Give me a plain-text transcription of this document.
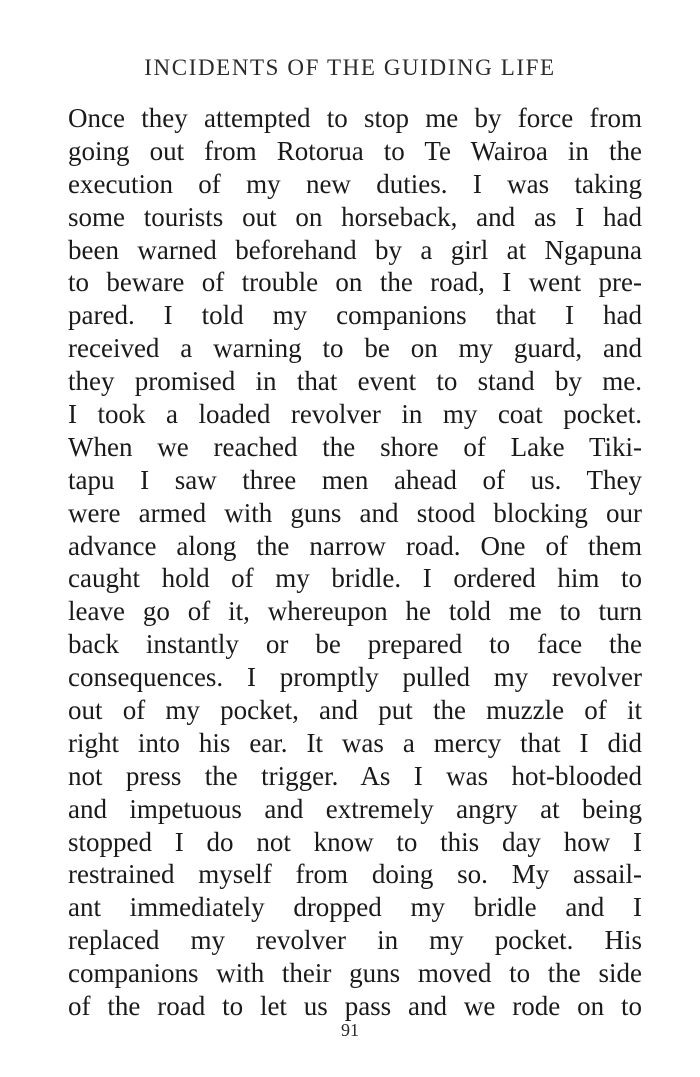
INCIDENTS OF THE GUIDING LIFE
Once they attempted to stop me by force from
going out from Rotorua to Te Wairoa in the
execution of my new duties. I was taking
some tourists out on horseback, and as I had
been warned beforehand by a girl at Ngapuna
to beware of trouble on the road, I went pre-
pared. I told my companions that I had
received a warning to be on my guard, and
they promised in that event to stand by me.
I took a loaded revolver in my coat pocket.
When we reached the shore of Lake Tiki-
tapu I saw three men ahead of us. They
were armed with guns and stood blocking our
advance along the narrow road. One of them
caught hold of my bridle. I ordered him to
leave go of it, whereupon he told me to turn
back instantly or be prepared to face the
consequences. I promptly pulled my revolver
out of my pocket, and put the muzzle of it
right into his ear. It was a mercy that I did
not press the trigger. As I was hot-blooded
and impetuous and extremely angry at being
stopped I do not know to this day how I
restrained myself from doing so. My assail-
ant immediately dropped my bridle and I
replaced my revolver in my pocket. His
companions with their guns moved to the side
of the road to let us pass and we rode on to
91
